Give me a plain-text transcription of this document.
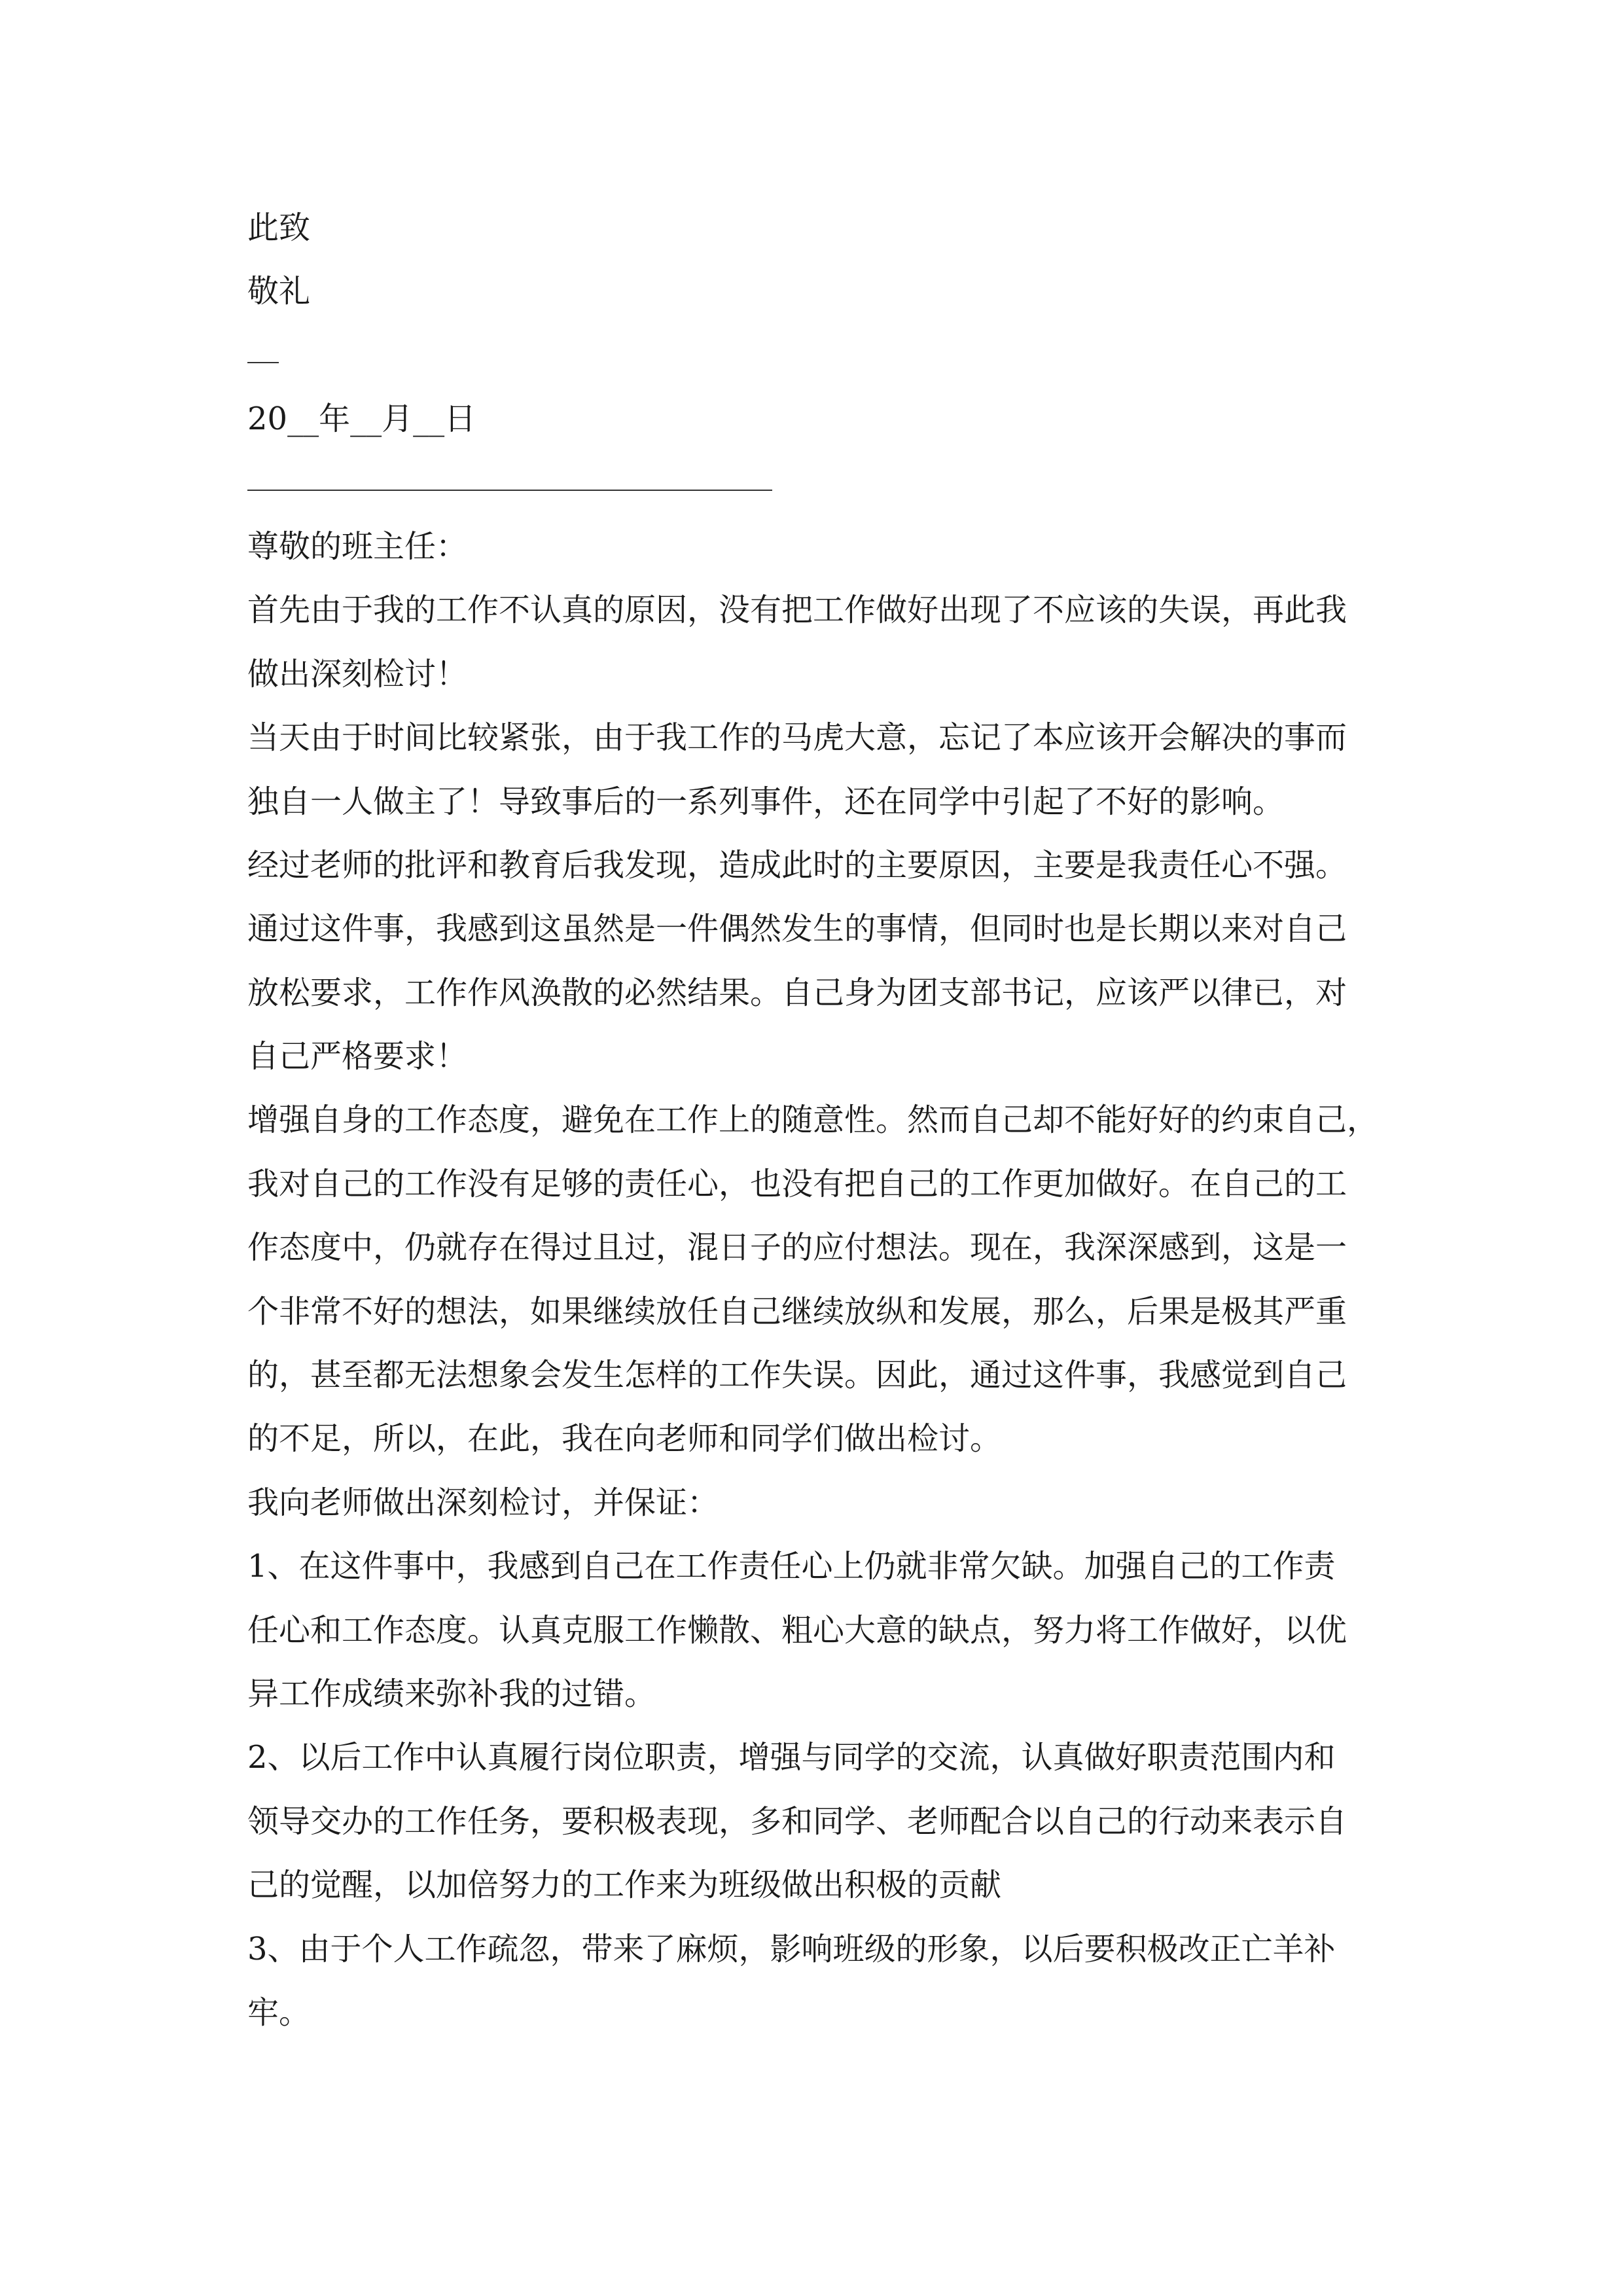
此致
敬礼
20__年__月__日
尊敬的班主任：
首先由于我的工作不认真的原因，没有把工作做好出现了不应该的失误，再此我
做出深刻检讨！
当天由于时间比较紧张，由于我工作的马虎大意，忘记了本应该开会解决的事而
独自一人做主了！导致事后的一系列事件，还在同学中引起了不好的影响。
经过老师的批评和教育后我发现，造成此时的主要原因，主要是我责任心不强。
通过这件事，我感到这虽然是一件偶然发生的事情，但同时也是长期以来对自己
放松要求，工作作风涣散的必然结果。自己身为团支部书记，应该严以律已，对
自己严格要求！
增强自身的工作态度，避免在工作上的随意性。然而自己却不能好好的约束自己，
我对自己的工作没有足够的责任心，也没有把自己的工作更加做好。在自己的工
作态度中，仍就存在得过且过，混日子的应付想法。现在，我深深感到，这是一
个非常不好的想法，如果继续放任自己继续放纵和发展，那么，后果是极其严重
的，甚至都无法想象会发生怎样的工作失误。因此，通过这件事，我感觉到自己
的不足，所以，在此，我在向老师和同学们做出检讨。
我向老师做出深刻检讨，并保证：
1、在这件事中，我感到自己在工作责任心上仍就非常欠缺。加强自己的工作责
任心和工作态度。认真克服工作懒散、粗心大意的缺点，努力将工作做好，以优
异工作成绩来弥补我的过错。
2、以后工作中认真履行岗位职责，增强与同学的交流，认真做好职责范围内和
领导交办的工作任务，要积极表现，多和同学、老师配合以自己的行动来表示自
己的觉醒，以加倍努力的工作来为班级做出积极的贡献
3、由于个人工作疏忽，带来了麻烦，影响班级的形象，以后要积极改正亡羊补
牢。
